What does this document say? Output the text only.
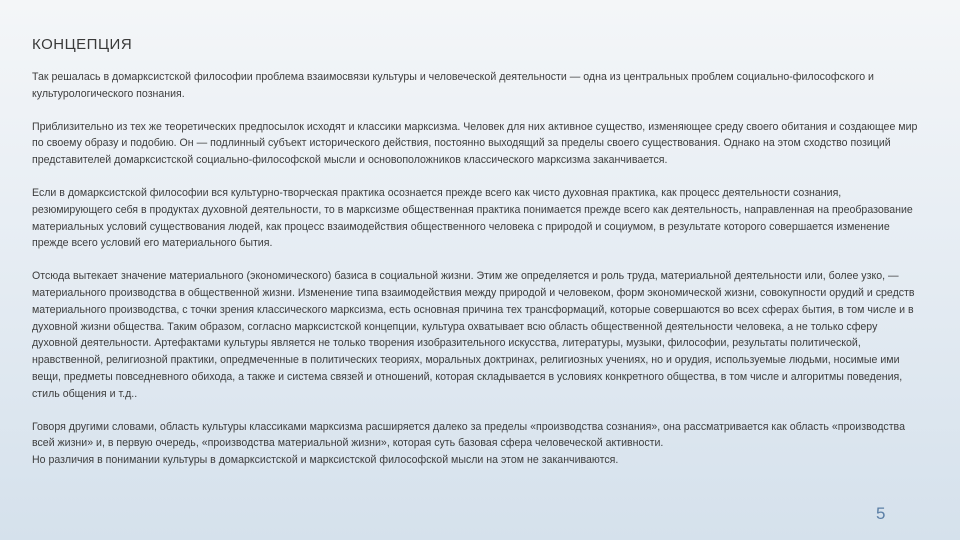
КОНЦЕПЦИЯ

Так решалась в домарксистской философии проблема взаимосвязи культуры и человеческой деятельности — одна из центральных проблем социально-философского и культурологического познания.

Приблизительно из тех же теоретических предпосылок исходят и классики марксизма. Человек для них активное существо, изменяющее среду своего обитания и создающее мир по своему образу и подобию. Он — подлинный субъект исторического действия, постоянно выходящий за пределы своего существования. Однако на этом сходство позиций представителей домарксистской социально-философской мысли и основоположников классического марксизма заканчивается.

Если в домарксистской философии вся культурно-творческая практика осознается прежде всего как чисто духовная практика, как процесс деятельности сознания, резюмирующего себя в продуктах духовной деятельности, то в марксизме общественная практика понимается прежде всего как деятельность, направленная на преобразование материальных условий существования людей, как процесс взаимодействия общественного человека с природой и социумом, в результате которого совершается изменение прежде всего условий его материального бытия.

Отсюда вытекает значение материального (экономического) базиса в социальной жизни. Этим же определяется и роль труда, материальной деятельности или, более узко, — материального производства в общественной жизни. Изменение типа взаимодействия между природой и человеком, форм экономической жизни, совокупности орудий и средств материального производства, с точки зрения классического марксизма, есть основная причина тех трансформаций, которые совершаются во всех сферах бытия, в том числе и в духовной жизни общества. Таким образом, согласно марксистской концепции, культура охватывает всю область общественной деятельности человека, а не только сферу духовной деятельности. Артефактами культуры является не только творения изобразительного искусства, литературы, музыки, философии, результаты политической, нравственной, религиозной практики, опредмеченные в политических теориях, моральных доктринах, религиозных учениях, но и орудия, используемые людьми, носимые ими вещи, предметы повседневного обихода, а также и система связей и отношений, которая складывается в условиях конкретного общества, в том числе и алгоритмы поведения, стиль общения и т.д..

Говоря другими словами, область культуры классиками марксизма расширяется далеко за пределы «производства сознания», она рассматривается как область «производства всей жизни» и, в первую очередь, «производства материальной жизни», которая суть базовая сфера человеческой активности.

Но различия в понимании культуры в домарксистской и марксистской философской мысли на этом не заканчиваются.

5
